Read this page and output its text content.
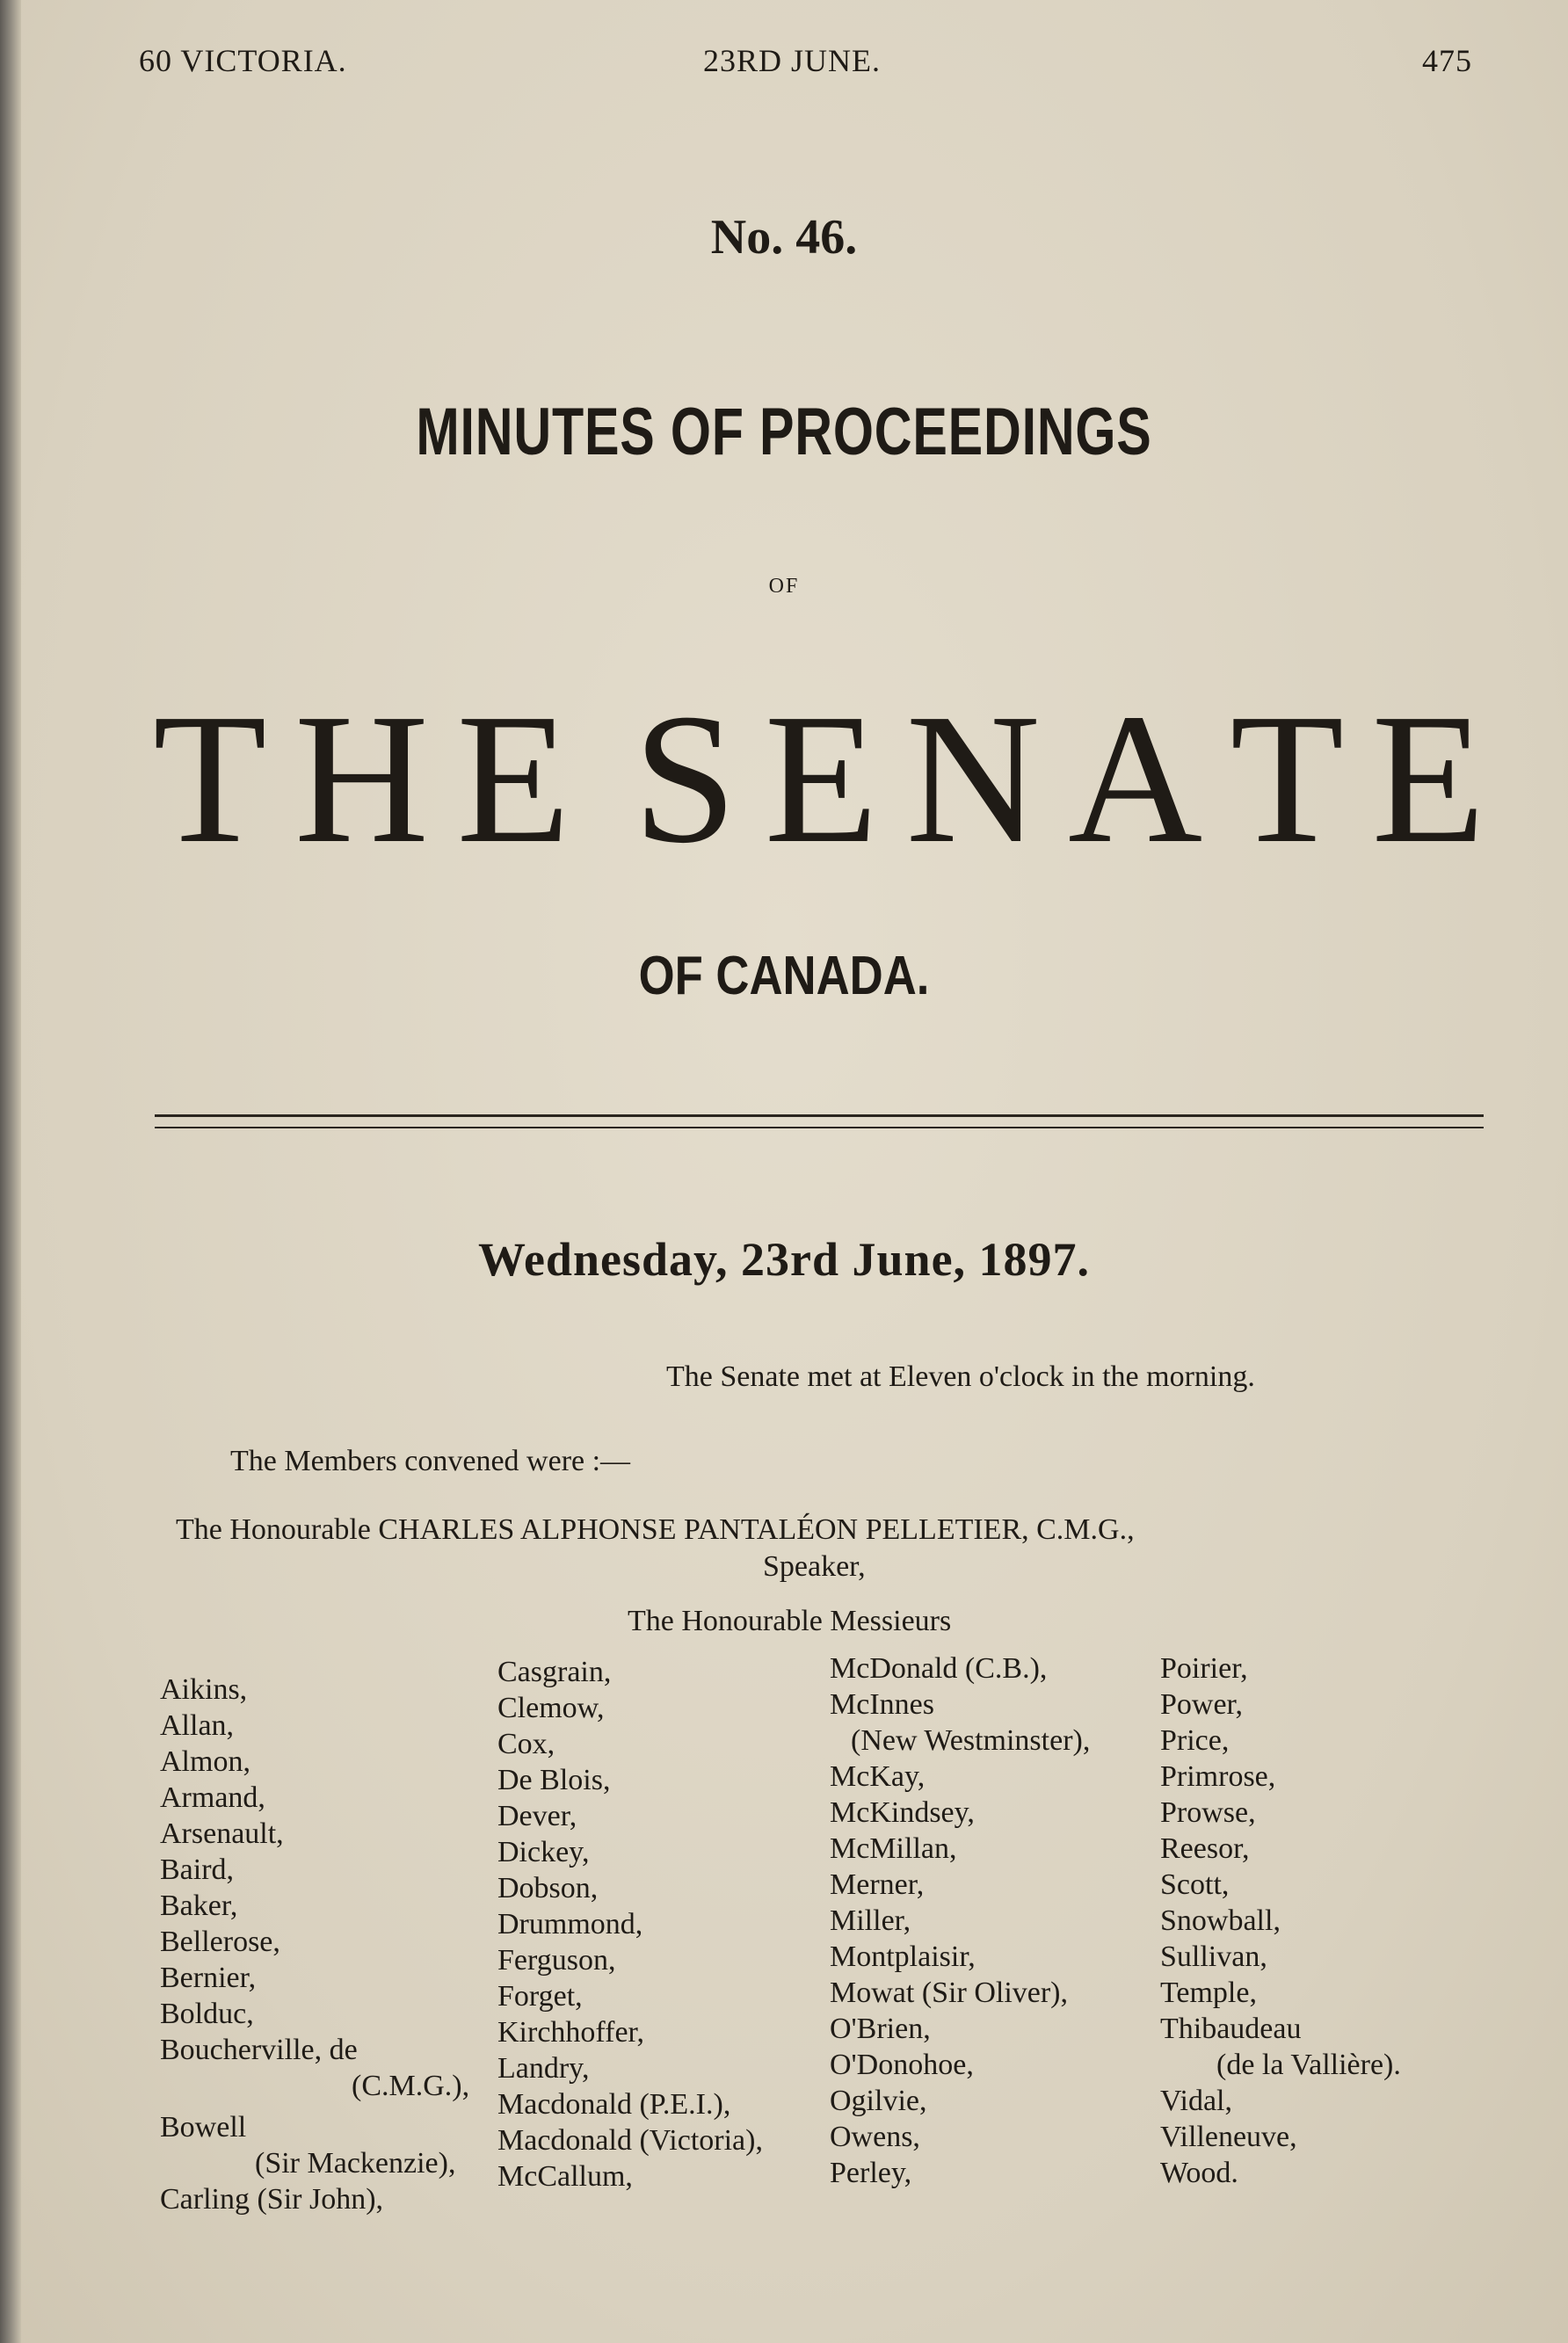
60 VICTORIA.	23RD JUNE.	475
No. 46.
MINUTES OF PROCEEDINGS
OF
T H E S E N A T E
OF CANADA.
Wednesday, 23rd June, 1897.
The Senate met at Eleven o'clock in the morning.
The Members convened were :—
The Honourable CHARLES ALPHONSE PANTALÉON PELLETIER, C.M.G.,
Speaker,
The Honourable Messieurs
Aikins,
Allan,
Almon,
Armand,
Arsenault,
Baird,
Baker,
Bellerose,
Bernier,
Bolduc,
Boucherville, de
(C.M.G.),
Bowell
(Sir Mackenzie),
Carling (Sir John),
Casgrain,
Clemow,
Cox,
De Blois,
Dever,
Dickey,
Dobson,
Drummond,
Ferguson,
Forget,
Kirchhoffer,
Landry,
Macdonald (P.E.I.),
Macdonald (Victoria),
McCallum,
McDonald (C.B.),
McInnes
(New Westminster),
McKay,
McKindsey,
McMillan,
Merner,
Miller,
Montplaisir,
Mowat (Sir Oliver),
O'Brien,
O'Donohoe,
Ogilvie,
Owens,
Perley,
Poirier,
Power,
Price,
Primrose,
Prowse,
Reesor,
Scott,
Snowball,
Sullivan,
Temple,
Thibaudeau
(de la Vallière).
Vidal,
Villeneuve,
Wood.
